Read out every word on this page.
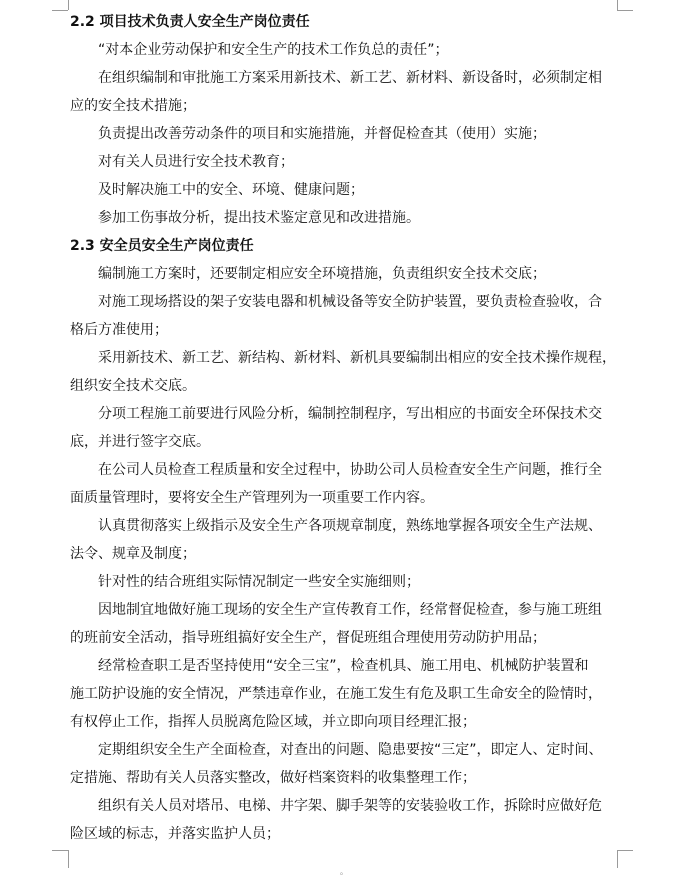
2.2 项目技术负责人安全生产岗位责任
“对本企业劳动保护和安全生产的技术工作负总的责任”；
在组织编制和审批施工方案采用新技术、新工艺、新材料、新设备时，必须制定相
应的安全技术措施；
负责提出改善劳动条件的项目和实施措施，并督促检查其（使用）实施；
对有关人员进行安全技术教育；
及时解决施工中的安全、环境、健康问题；
参加工伤事故分析，提出技术鉴定意见和改进措施。
2.3 安全员安全生产岗位责任
编制施工方案时，还要制定相应安全环境措施，负责组织安全技术交底；
对施工现场搭设的架子安装电器和机械设备等安全防护装置，要负责检查验收，合
格后方准使用；
采用新技术、新工艺、新结构、新材料、新机具要编制出相应的安全技术操作规程，
组织安全技术交底。
分项工程施工前要进行风险分析，编制控制程序，写出相应的书面安全环保技术交
底，并进行签字交底。
在公司人员检查工程质量和安全过程中，协助公司人员检查安全生产问题，推行全
面质量管理时，要将安全生产管理列为一项重要工作内容。
认真贯彻落实上级指示及安全生产各项规章制度，熟练地掌握各项安全生产法规、
法令、规章及制度；
针对性的结合班组实际情况制定一些安全实施细则；
因地制宜地做好施工现场的安全生产宣传教育工作，经常督促检查，参与施工班组
的班前安全活动，指导班组搞好安全生产，督促班组合理使用劳动防护用品；
经常检查职工是否坚持使用“安全三宝”，检查机具、施工用电、机械防护装置和
施工防护设施的安全情况，严禁违章作业，在施工发生有危及职工生命安全的险情时，
有权停止工作，指挥人员脱离危险区域，并立即向项目经理汇报；
定期组织安全生产全面检查，对查出的问题、隐患要按“三定”，即定人、定时间、
定措施、帮助有关人员落实整改，做好档案资料的收集整理工作；
组织有关人员对塔吊、电梯、井字架、脚手架等的安装验收工作，拆除时应做好危
险区域的标志，并落实监护人员；
。
